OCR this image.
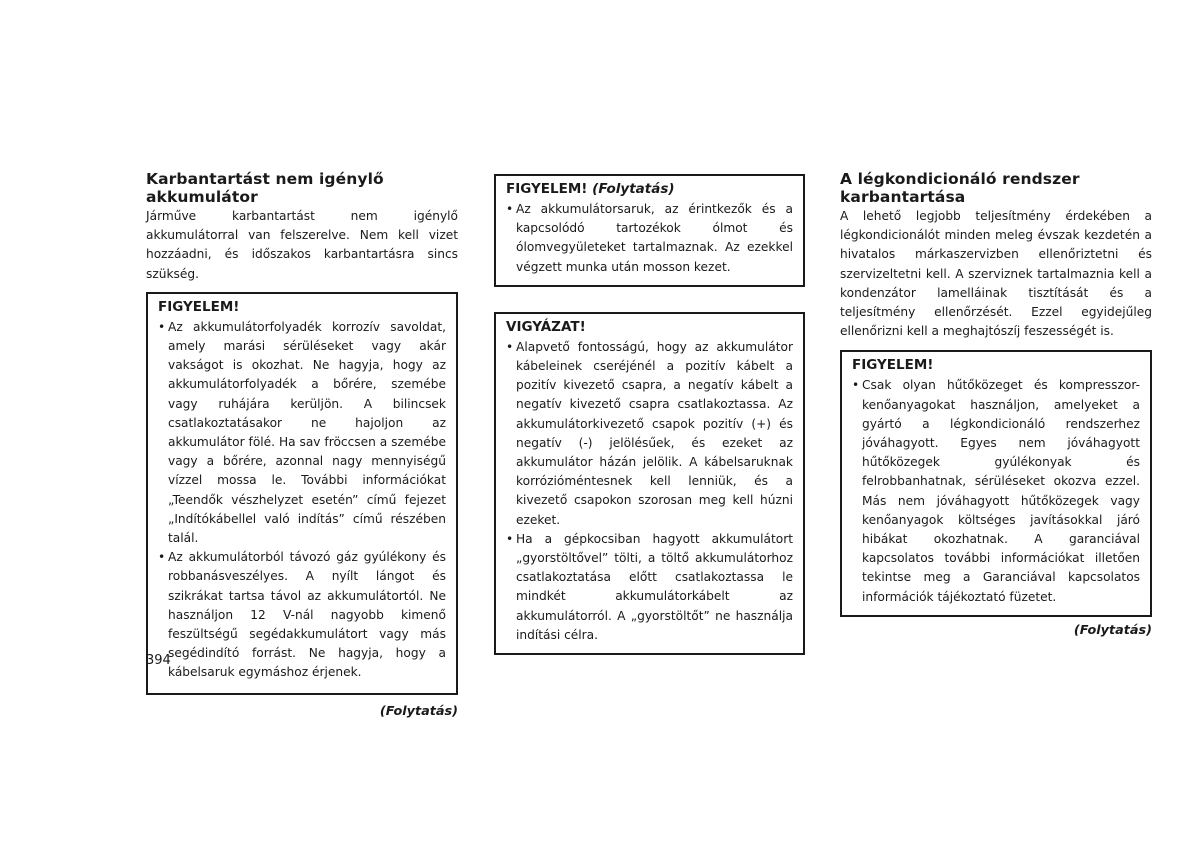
Karbantartást nem igénylő akkumulátor

Járműve karbantartást nem igénylő akkumulátorral van felszerelve. Nem kell vizet hozzáadni, és időszakos karbantartásra sincs szükség.

FIGYELEM!
• Az akkumulátorfolyadék korrozív savoldat, amely marási sérüléseket vagy akár vakságot is okozhat. Ne hagyja, hogy az akkumulátorfolyadék a bőrére, szemébe vagy ruhájára kerüljön. A bilincsek csatlakoztatásakor ne hajoljon az akkumulátor fölé. Ha sav fröccsen a szemébe vagy a bőrére, azonnal nagy mennyiségű vízzel mossa le. További információkat „Teendők vészhelyzet esetén” című fejezet „Indítókábellel való indítás” című részében talál.
• Az akkumulátorból távozó gáz gyúlékony és robbanásveszélyes. A nyílt lángot és szikrákat tartsa távol az akkumulátortól. Ne használjon 12 V-nál nagyobb kimenő feszültségű segédakkumulátort vagy más segédindító forrást. Ne hagyja, hogy a kábelsaruk egymáshoz érjenek.
(Folytatás)
FIGYELEM! (Folytatás)
• Az akkumulátorsaruk, az érintkezők és a kapcsolódó tartozékok ólmot és ólomvegyületeket tartalmaznak. Az ezekkel végzett munka után mosson kezet.
VIGYÁZAT!
• Alapvető fontosságú, hogy az akkumulátor kábeleinek cseréjénél a pozitív kábelt a pozitív kivezető csaprа, a negatív kábelt a negatív kivezető csapra csatlakoztassa. Az akkumulátorkivezető csapok pozitív (+) és negatív (-) jelölésűek, és ezeket az akkumulátor házán jelölik. A kábelsaruknak korrózióméntesnek kell lenniük, és a kivezető csapokon szorosan meg kell húzni ezeket.
• Ha a gépkocsiban hagyott akkumulátort „gyorstöltővel” tölti, a töltő akkumulátorhoz csatlakoztatása előtt csatlakoztassa le mindkét akkumulátorkábelt az akkumulátorról. A „gyorstöltőt” ne használja indítási célra.
A légkondicionáló rendszer karbantartása

A lehető legjobb teljesítmény érdekében a légkondicionálót minden meleg évszak kezdetén a hivatalos márkaszervizben ellenőriztetni és szervizeltetni kell. A szerviznek tartalmaznia kell a kondenzátor lamelláinak tisztítását és a teljesítmény ellenőrzését. Ezzel egyidejűleg ellenőrizni kell a meghajtószíj feszességét is.

FIGYELEM!
• Csak olyan hűtőközeget és kompresszor-kenőanyagokat használjon, amelyeket a gyártó a légkondicionáló rendszerhez jóváhagyott. Egyes nem jóváhagyott hűtőközegek gyúlékonyak és felrobbanhatnak, sérüléseket okozva ezzel. Más nem jóváhagyott hűtőközegek vagy kenőanyagok költséges javításokkal járó hibákat okozhatnak. A garanciával kapcsolatos további információkat illetően tekintse meg a Garanciával kapcsolatos információk tájékoztató füzetet.
(Folytatás)
394
